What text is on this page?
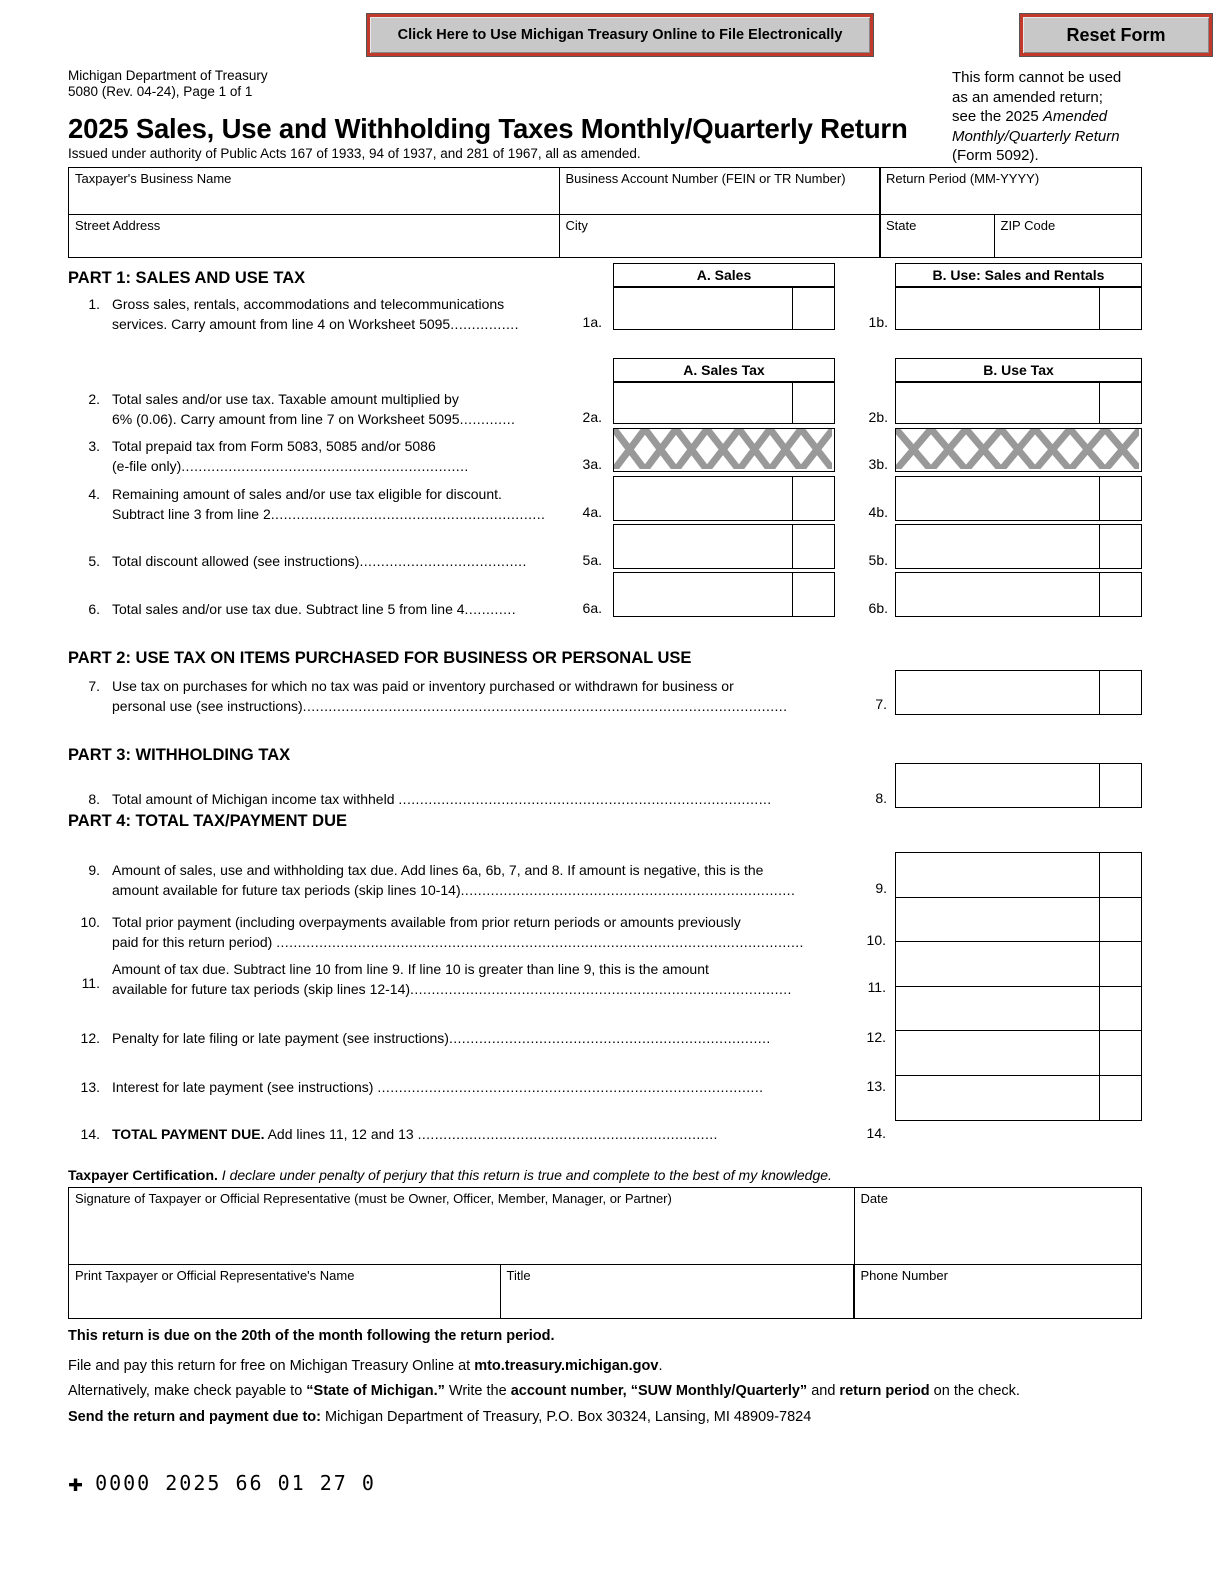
Click Here to Use Michigan Treasury Online to File Electronically	Reset Form
Michigan Department of Treasury
5080 (Rev. 04-24), Page 1 of 1
This form cannot be used
as an amended return;
see the 2025 Amended
Monthly/Quarterly Return
(Form 5092).
2025 Sales, Use and Withholding Taxes Monthly/Quarterly Return
Issued under authority of Public Acts 167 of 1933, 94 of 1937, and 281 of 1967, all as amended.
Taxpayer's Business Name	Business Account Number (FEIN or TR Number)	Return Period (MM-YYYY)
Street Address	City	State	ZIP Code
PART 1: SALES AND USE TAX	A. Sales	B. Use: Sales and Rentals
1. Gross sales, rentals, accommodations and telecommunications
services. Carry amount from line 4 on Worksheet 5095................	1a.	1b.
A. Sales Tax	B. Use Tax
2. Total sales and/or use tax. Taxable amount multiplied by
6% (0.06). Carry amount from line 7 on Worksheet 5095.............	2a.	2b.
3. Total prepaid tax from Form 5083, 5085 and/or 5086
(e-file only)...................................................................	3a.	3b.
4. Remaining amount of sales and/or use tax eligible for discount.
Subtract line 3 from line 2................................................................	4a.	4b.
5. Total discount allowed (see instructions).......................................	5a.	5b.
6. Total sales and/or use tax due. Subtract line 5 from line 4............	6a.	6b.
PART 2: USE TAX ON ITEMS PURCHASED FOR BUSINESS OR PERSONAL USE
7. Use tax on purchases for which no tax was paid or inventory purchased or withdrawn for business or
personal use (see instructions).................................................................................................................	7.
PART 3: WITHHOLDING TAX
8. Total amount of Michigan income tax withheld .......................................................................................	8.
PART 4: TOTAL TAX/PAYMENT DUE
9. Amount of sales, use and withholding tax due. Add lines 6a, 6b, 7, and 8. If amount is negative, this is the
amount available for future tax periods (skip lines 10-14)..............................................................................	9.
10. Total prior payment (including overpayments available from prior return periods or amounts previously
paid for this return period) ...........................................................................................................................	10.
11.
Amount of tax due. Subtract line 10 from line 9. If line 10 is greater than line 9, this is the amount
available for future tax periods (skip lines 12-14).........................................................................................	11.
12. Penalty for late filing or late payment (see instructions)...........................................................................	12.
13. Interest for late payment (see instructions) ..........................................................................................	13.
14. TOTAL PAYMENT DUE. Add lines 11, 12 and 13 ......................................................................	14.
Taxpayer Certification. I declare under penalty of perjury that this return is true and complete to the best of my knowledge.
Signature of Taxpayer or Official Representative (must be Owner, Officer, Member, Manager, or Partner)	Date
Print Taxpayer or Official Representative's Name	Title	Phone Number
This return is due on the 20th of the month following the return period.
File and pay this return for free on Michigan Treasury Online at mto.treasury.michigan.gov.
Alternatively, make check payable to “State of Michigan.” Write the account number, “SUW Monthly/Quarterly” and return period on the check.
Send the return and payment due to: Michigan Department of Treasury, P.O. Box 30324, Lansing, MI 48909-7824
✚ 0000 2025 66 01 27 0
